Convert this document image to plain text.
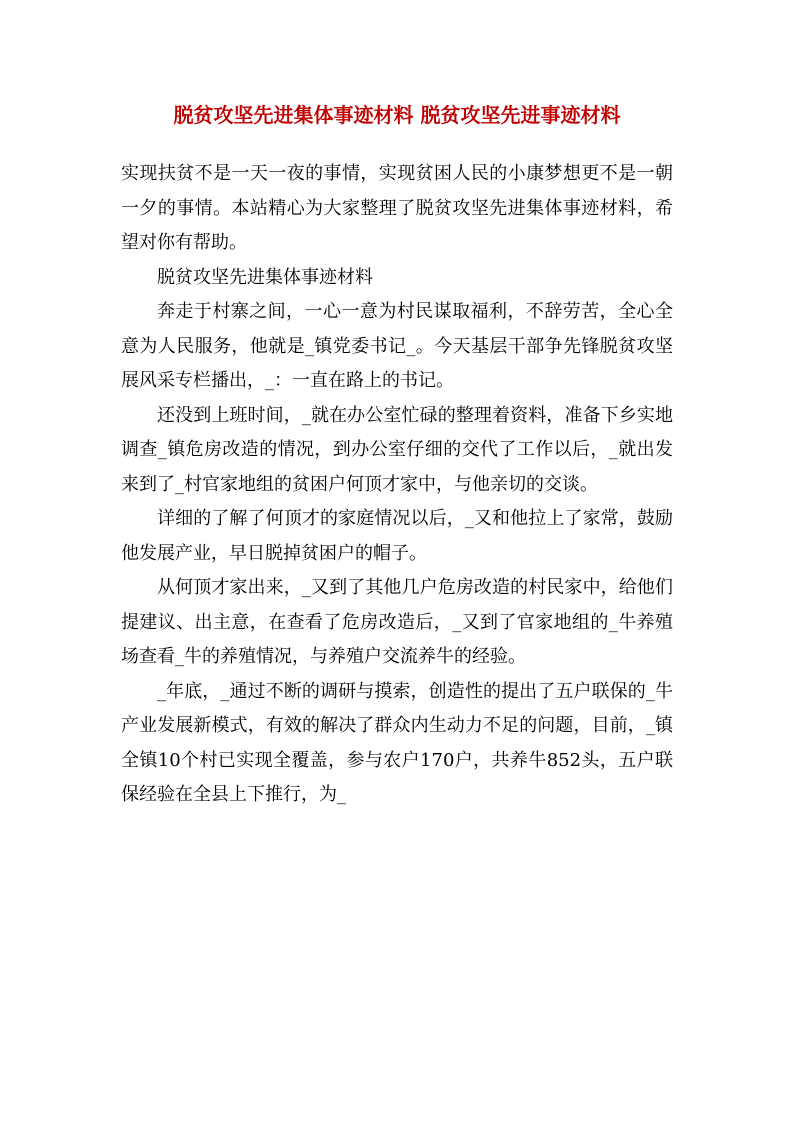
脱贫攻坚先进集体事迹材料 脱贫攻坚先进事迹材料

实现扶贫不是一天一夜的事情，实现贫困人民的小康梦想更不是一朝一夕的事情。本站精心为大家整理了脱贫攻坚先进集体事迹材料，希望对你有帮助。

脱贫攻坚先进集体事迹材料

奔走于村寨之间，一心一意为村民谋取福利，不辞劳苦，全心全意为人民服务，他就是_镇党委书记_。今天基层干部争先锋脱贫攻坚展风采专栏播出，_：一直在路上的书记。

还没到上班时间，_就在办公室忙碌的整理着资料，准备下乡实地调查_镇危房改造的情况，到办公室仔细的交代了工作以后，_就出发来到了_村官家地组的贫困户何顶才家中，与他亲切的交谈。

详细的了解了何顶才的家庭情况以后，_又和他拉上了家常，鼓励他发展产业，早日脱掉贫困户的帽子。

从何顶才家出来，_又到了其他几户危房改造的村民家中，给他们提建议、出主意，在查看了危房改造后，_又到了官家地组的_牛养殖场查看_牛的养殖情况，与养殖户交流养牛的经验。

_年底，_通过不断的调研与摸索，创造性的提出了五户联保的_牛产业发展新模式，有效的解决了群众内生动力不足的问题，目前，_镇全镇10个村已实现全覆盖，参与农户170户，共养牛852头，五户联保经验在全县上下推行，为_
